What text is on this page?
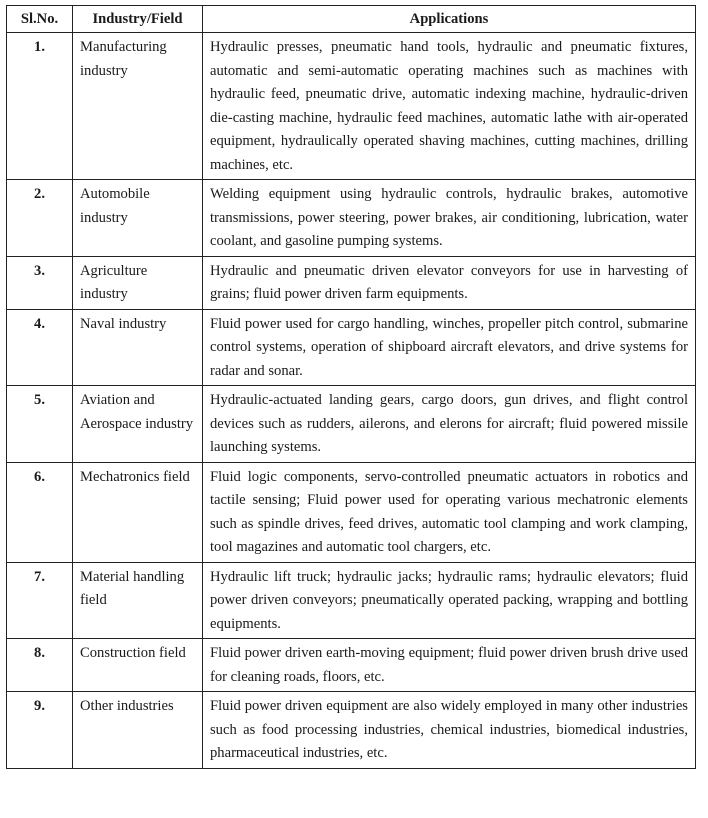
Sl.No.	Industry/Field	Applications
1.	Manufacturing industry	Hydraulic presses, pneumatic hand tools, hydraulic and pneumatic fixtures, automatic and semi-automatic operating machines such as machines with hydraulic feed, pneumatic drive, automatic indexing machine, hydraulic-driven die-casting machine, hydraulic feed machines, automatic lathe with air-operated equipment, hydraulically operated shaving machines, cutting machines, drilling machines, etc.
2.	Automobile industry	Welding equipment using hydraulic controls, hydraulic brakes, automotive transmissions, power steering, power brakes, air conditioning, lubrication, water coolant, and gasoline pumping systems.
3.	Agriculture industry	Hydraulic and pneumatic driven elevator conveyors for use in harvesting of grains; fluid power driven farm equipments.
4.	Naval industry	Fluid power used for cargo handling, winches, propeller pitch control, submarine control systems, operation of shipboard aircraft elevators, and drive systems for radar and sonar.
5.	Aviation and Aerospace industry	Hydraulic-actuated landing gears, cargo doors, gun drives, and flight control devices such as rudders, ailerons, and elerons for aircraft; fluid powered missile launching systems.
6.	Mechatronics field	Fluid logic components, servo-controlled pneumatic actuators in robotics and tactile sensing; Fluid power used for operating various mechatronic elements such as spindle drives, feed drives, automatic tool clamping and work clamping, tool magazines and automatic tool chargers, etc.
7.	Material handling field	Hydraulic lift truck; hydraulic jacks; hydraulic rams; hydraulic elevators; fluid power driven conveyors; pneumatically operated packing, wrapping and bottling equipments.
8.	Construction field	Fluid power driven earth-moving equipment; fluid power driven brush drive used for cleaning roads, floors, etc.
9.	Other industries	Fluid power driven equipment are also widely employed in many other industries such as food processing industries, chemical industries, biomedical industries, pharmaceutical industries, etc.
